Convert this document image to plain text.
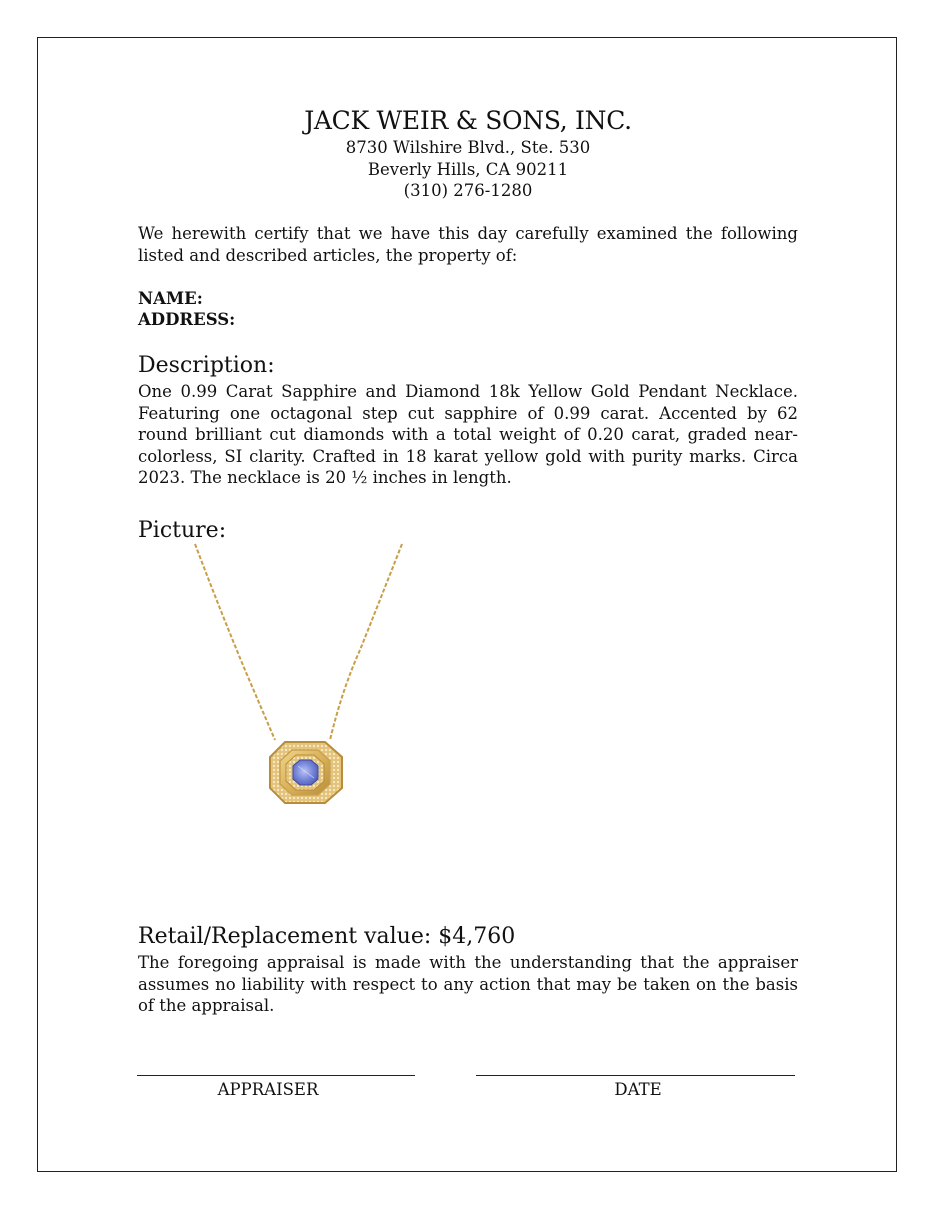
JACK WEIR & SONS, INC.
8730 Wilshire Blvd., Ste. 530
Beverly Hills, CA 90211
(310) 276-1280
We herewith certify that we have this day carefully examined the following listed and described articles, the property of:
NAME:
ADDRESS:
Description:
One 0.99 Carat Sapphire and Diamond 18k Yellow Gold Pendant Necklace. Featuring one octagonal step cut sapphire of 0.99 carat. Accented by 62 round brilliant cut diamonds with a total weight of 0.20 carat, graded near-colorless, SI clarity. Crafted in 18 karat yellow gold with purity marks. Circa 2023. The necklace is 20 ½ inches in length.
Picture:
Retail/Replacement value: $4,760
The foregoing appraisal is made with the understanding that the appraiser assumes no liability with respect to any action that may be taken on the basis of the appraisal.
APPRAISER	DATE
